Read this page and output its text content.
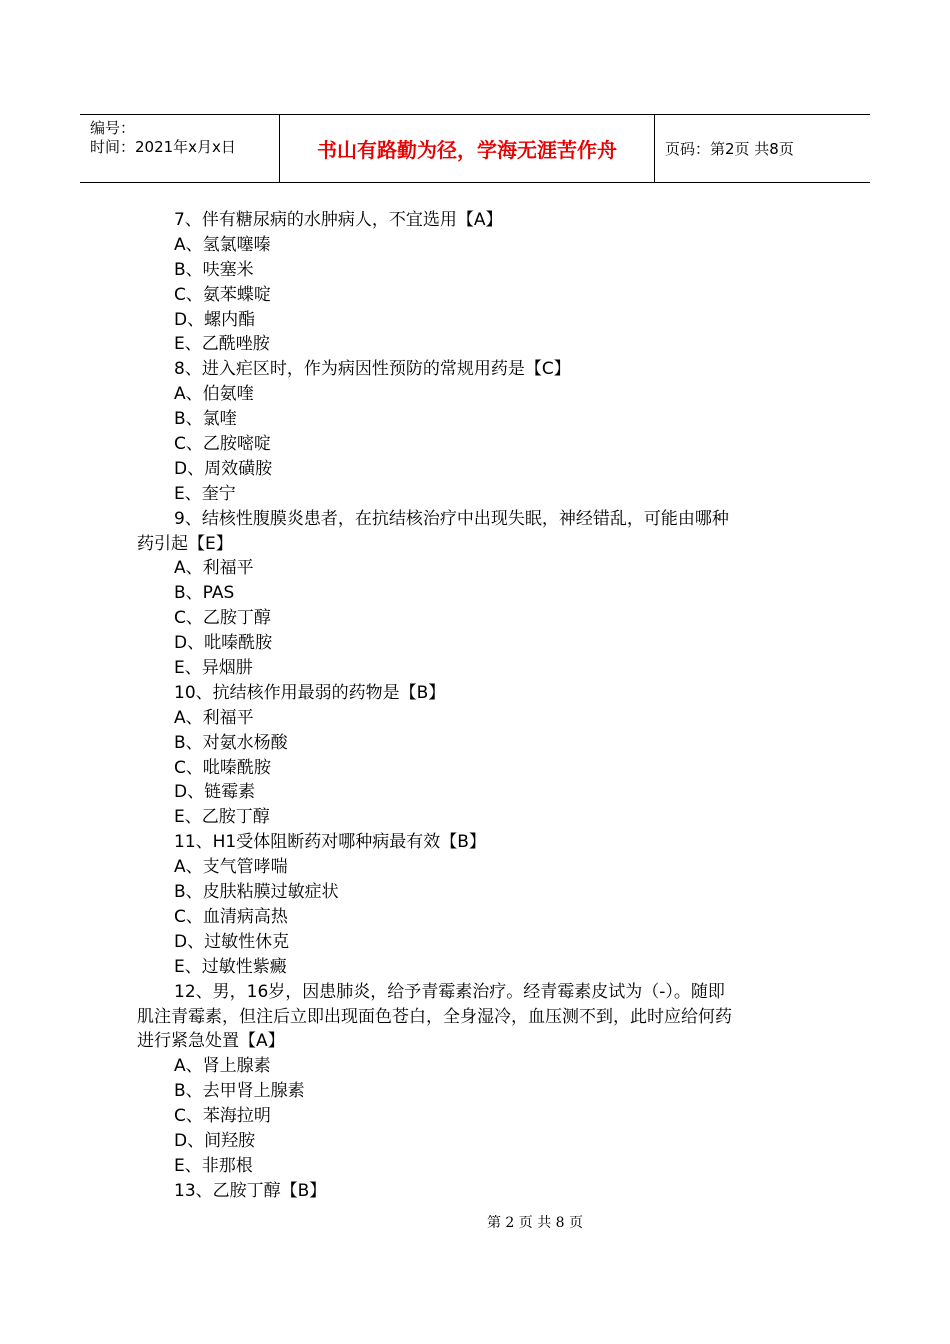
编号：
时间：2021年x月x日	书山有路勤为径，学海无涯苦作舟	页码：第2页 共8页
7、伴有糖尿病的水肿病人，不宜选用【A】
A、氢氯噻嗪
B、呋塞米
C、氨苯蝶啶
D、螺内酯
E、乙酰唑胺
8、进入疟区时，作为病因性预防的常规用药是【C】
A、伯氨喹
B、氯喹
C、乙胺嘧啶
D、周效磺胺
E、奎宁
9、结核性腹膜炎患者，在抗结核治疗中出现失眠，神经错乱，可能由哪种
药引起【E】
A、利福平
B、PAS
C、乙胺丁醇
D、吡嗪酰胺
E、异烟肼
10、抗结核作用最弱的药物是【B】
A、利福平
B、对氨水杨酸
C、吡嗪酰胺
D、链霉素
E、乙胺丁醇
11、H1受体阻断药对哪种病最有效【B】
A、支气管哮喘
B、皮肤粘膜过敏症状
C、血清病高热
D、过敏性休克
E、过敏性紫癜
12、男，16岁，因患肺炎，给予青霉素治疗。经青霉素皮试为（-）。随即
肌注青霉素，但注后立即出现面色苍白，全身湿冷，血压测不到，此时应给何药
进行紧急处置【A】
A、肾上腺素
B、去甲肾上腺素
C、苯海拉明
D、间羟胺
E、非那根
13、乙胺丁醇【B】
第 2 页 共 8 页
